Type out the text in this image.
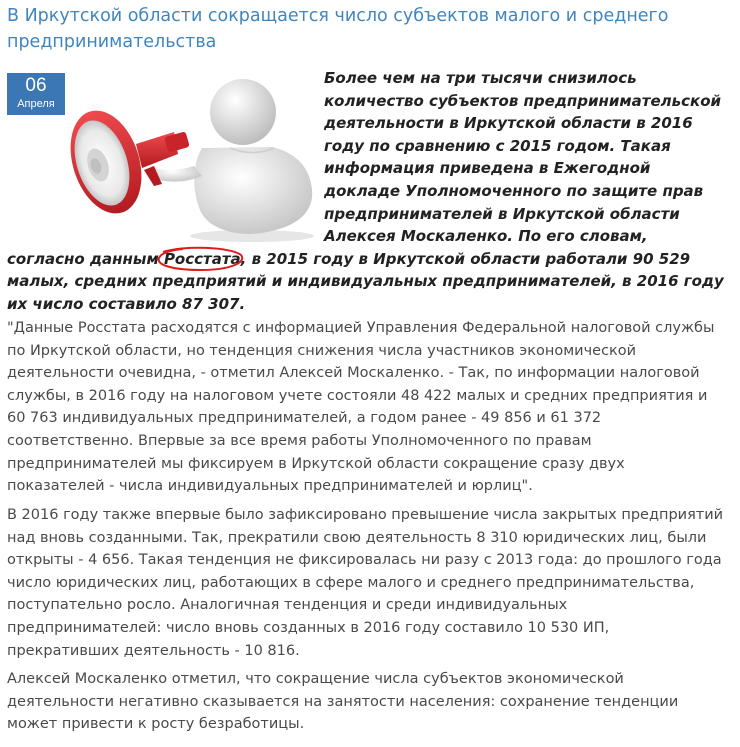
В Иркутской области сокращается число субъектов малого и среднего предпринимательства

Более чем на три тысячи снизилось количество субъектов предпринимательской деятельности в Иркутской области в 2016 году по сравнению с 2015 годом. Такая информация приведена в Ежегодной докладе Уполномоченного по защите прав предпринимателей в Иркутской области Алексея Москаленко. По его словам, согласно данным Росстата
, в 2015 году в Иркутской области работали 90 529 малых, средних предприятий и индивидуальных предпринимателей, в 2016 году их число составило 87 307.

06
Апреля

"Данные Росстата расходятся с информацией Управления Федеральной налоговой службы по Иркутской области, но тенденция снижения числа участников экономической деятельности очевидна, - отметил Алексей Москаленко. - Так, по информации налоговой службы, в 2016 году на налоговом учете состояли 48 422 малых и средних предприятия и 60 763 индивидуальных предпринимателей, а годом ранее - 49 856 и 61 372 соответственно. Впервые за все время работы Уполномоченного по правам предпринимателей мы фиксируем в Иркутской области сокращение сразу двух показателей - числа индивидуальных предпринимателей и юрлиц".

В 2016 году также впервые было зафиксировано превышение числа закрытых предприятий над вновь созданными. Так, прекратили свою деятельность 8 310 юридических лиц, были открыты - 4 656. Такая тенденция не фиксировалась ни разу с 2013 года: до прошлого года число юридических лиц, работающих в сфере малого и среднего предпринимательства, поступательно росло. Аналогичная тенденция и среди индивидуальных предпринимателей: число вновь созданных в 2016 году составило 10 530 ИП, прекративших деятельность - 10 816.

Алексей Москаленко отметил, что сокращение числа субъектов экономической деятельности негативно сказывается на занятости населения: сохранение тенденции может привести к росту безработицы.
